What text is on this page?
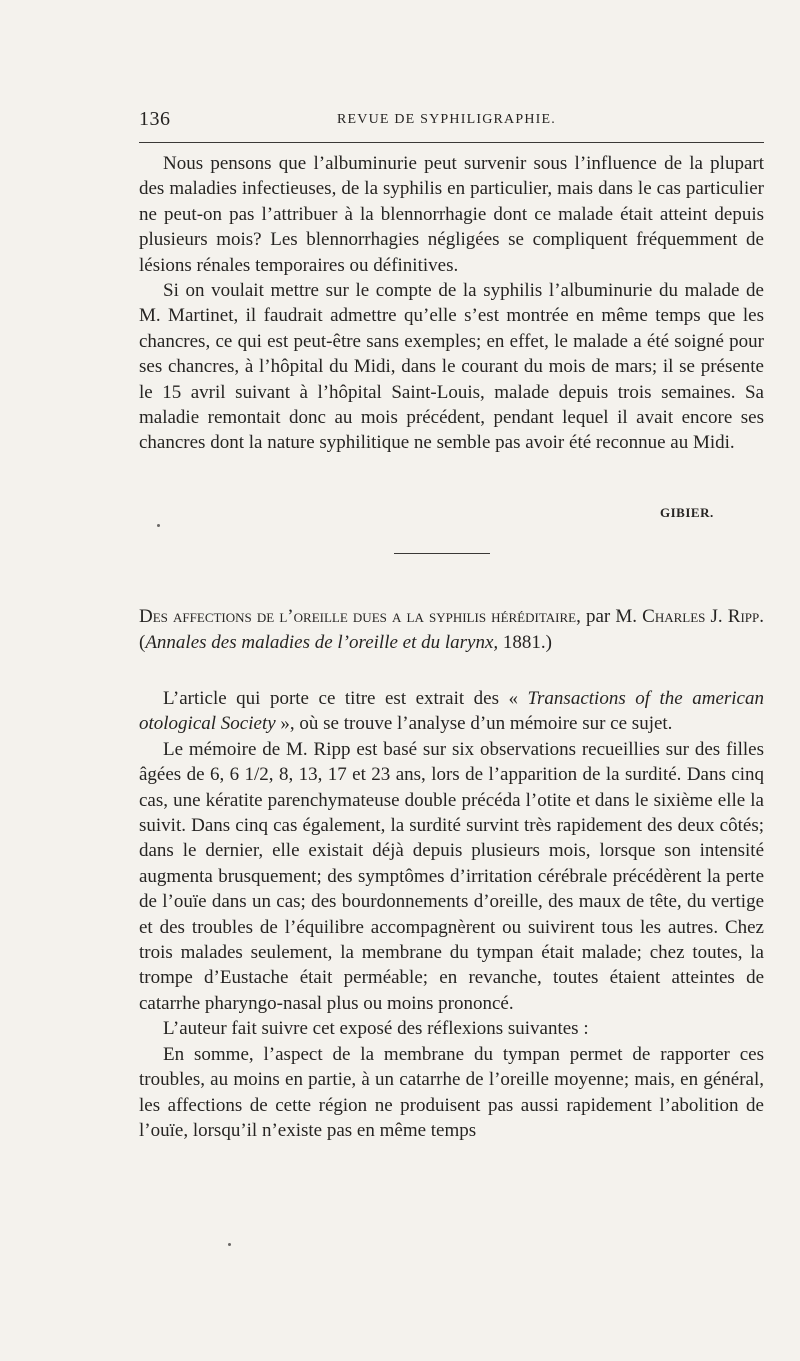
136	REVUE DE SYPHILIGRAPHIE.

Nous pensons que l’albuminurie peut survenir sous l’influence de la plupart des maladies infectieuses, de la syphilis en particulier, mais dans le cas particulier ne peut-on pas l’attribuer à la blennorrhagie dont ce malade était atteint depuis plusieurs mois? Les blennorrhagies négligées se compliquent fréquemment de lésions rénales temporaires ou définitives.

Si on voulait mettre sur le compte de la syphilis l’albuminurie du malade de M. Martinet, il faudrait admettre qu’elle s’est montrée en même temps que les chancres, ce qui est peut-être sans exemples; en effet, le malade a été soigné pour ses chancres, à l’hôpital du Midi, dans le courant du mois de mars; il se présente le 15 avril suivant à l’hôpital Saint-Louis, malade depuis trois semaines. Sa maladie remontait donc au mois précédent, pendant lequel il avait encore ses chancres dont la nature syphilitique ne semble pas avoir été reconnue au Midi.

GIBIER.
Des affections de l’oreille dues a la syphilis héréditaire, par M. Charles J. Ripp. (Annales des maladies de l’oreille et du larynx, 1881.)

L’article qui porte ce titre est extrait des « Transactions of the american otological Society », où se trouve l’analyse d’un mémoire sur ce sujet.

Le mémoire de M. Ripp est basé sur six observations recueillies sur des filles âgées de 6, 6 1/2, 8, 13, 17 et 23 ans, lors de l’apparition de la surdité. Dans cinq cas, une kératite parenchymateuse double précéda l’otite et dans le sixième elle la suivit. Dans cinq cas également, la surdité survint très rapidement des deux côtés; dans le dernier, elle existait déjà depuis plusieurs mois, lorsque son intensité augmenta brusquement; des symptômes d’irritation cérébrale précédèrent la perte de l’ouïe dans un cas; des bourdonnements d’oreille, des maux de tête, du vertige et des troubles de l’équilibre accompagnèrent ou suivirent tous les autres. Chez trois malades seulement, la membrane du tympan était malade; chez toutes, la trompe d’Eustache était perméable; en revanche, toutes étaient atteintes de catarrhe pharyngo-nasal plus ou moins prononcé.

L’auteur fait suivre cet exposé des réflexions suivantes :

En somme, l’aspect de la membrane du tympan permet de rapporter ces troubles, au moins en partie, à un catarrhe de l’oreille moyenne; mais, en général, les affections de cette région ne produisent pas aussi rapidement l’abolition de l’ouïe, lorsqu’il n’existe pas en même temps
